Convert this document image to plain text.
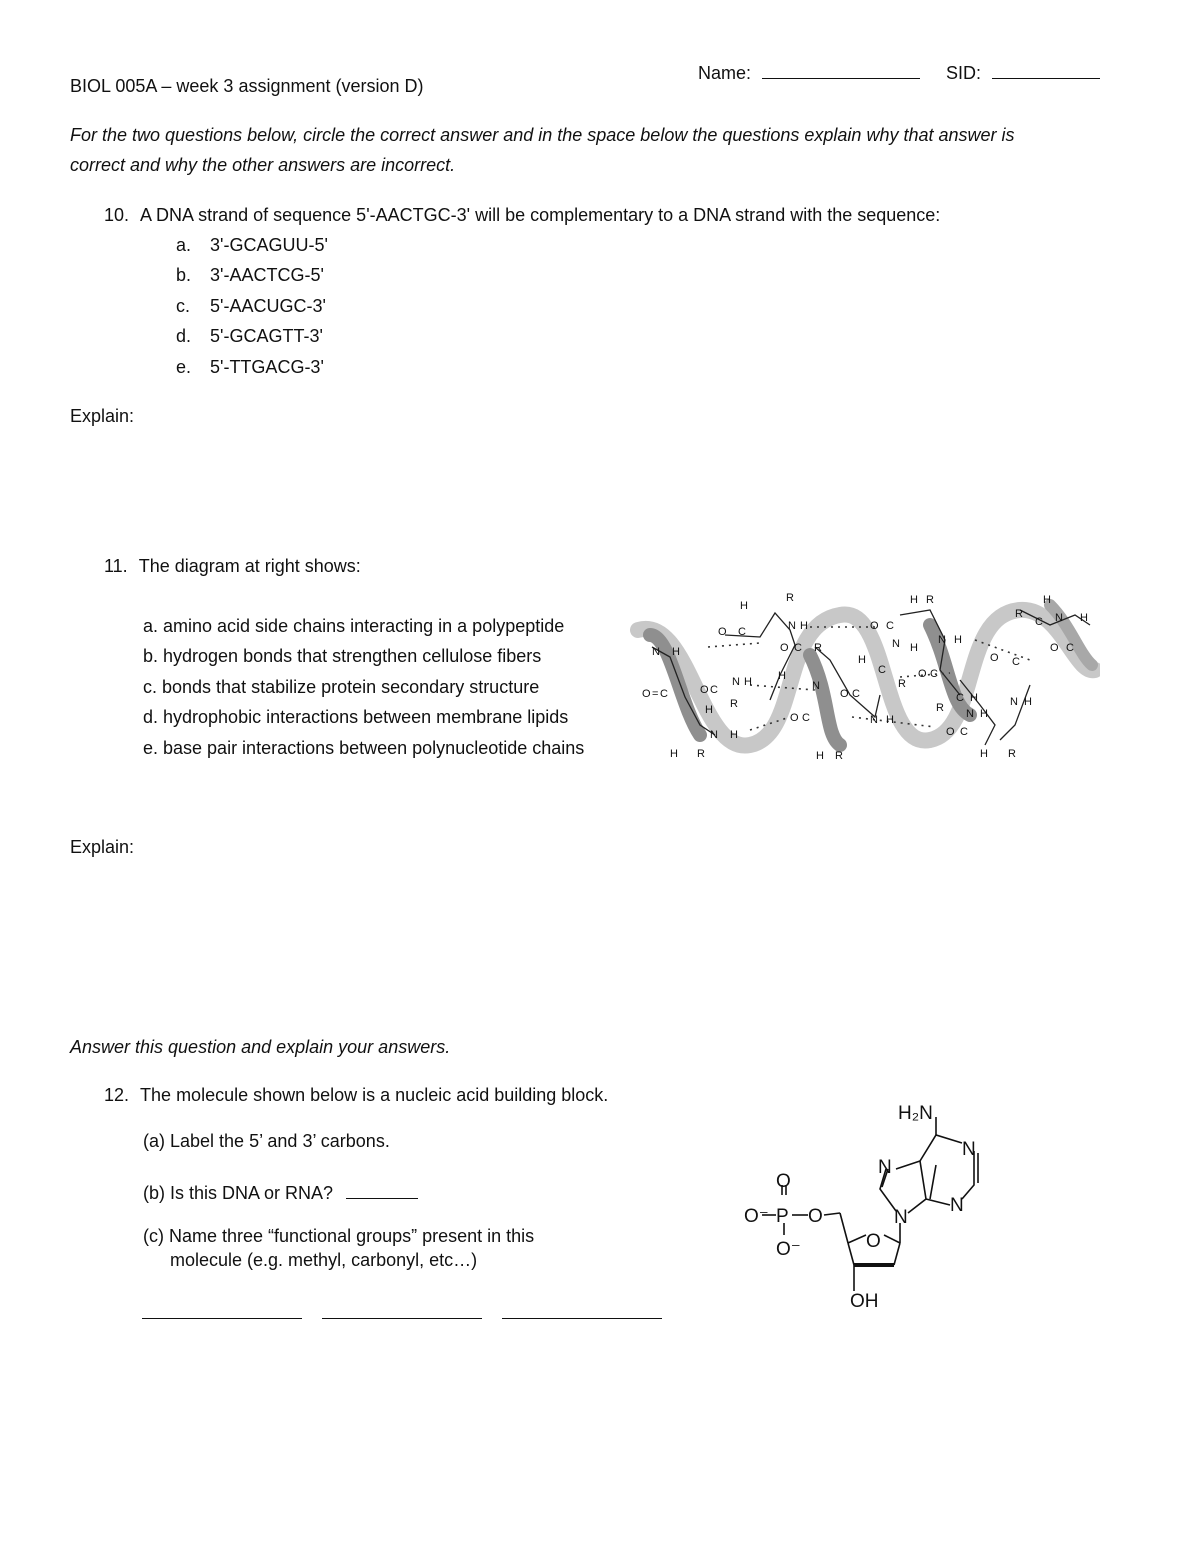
BIOL 005A – week 3 assignment (version D)
Name:	SID:
For the two questions below, circle the correct answer and in the space below the questions explain why that answer is
correct and why the other answers are incorrect.
10. A DNA strand of sequence 5'-AACTGC-3' will be complementary to a DNA strand with the sequence:
a. 3'-GCAGUU-5'
b. 3'-AACTCG-5'
c. 5'-AACUGC-3'
d. 5'-GCAGTT-3'
e. 5'-TTGACG-3'
Explain:
11. The diagram at right shows:
a. amino acid side chains interacting in a polypeptide
b. hydrogen bonds that strengthen cellulose fibers
c. bonds that stabilize protein secondary structure
d. hydrophobic interactions between membrane lipids
e. base pair interactions between polynucleotide chains
O = C
N H
H R
O C
H R
N H
H
R
O C	N H
O C R
N H H
N
O C
O C
H R
O C
H R
N H
H
C
R
N H
O C
N H
R
C H
N H
O C
H R
O C
N H
R
C
H
N H
O C
Explain:
Answer this question and explain your answers.
12. The molecule shown below is a nucleic acid building block.
(a) Label the 5’ and 3’ carbons.
(b) Is this DNA or RNA?
(c) Name three “functional groups” present in this
molecule (e.g. methyl, carbonyl, etc…)
O
O⁻ P O
O⁻	O
OH
N
N
H₂N
N
N
